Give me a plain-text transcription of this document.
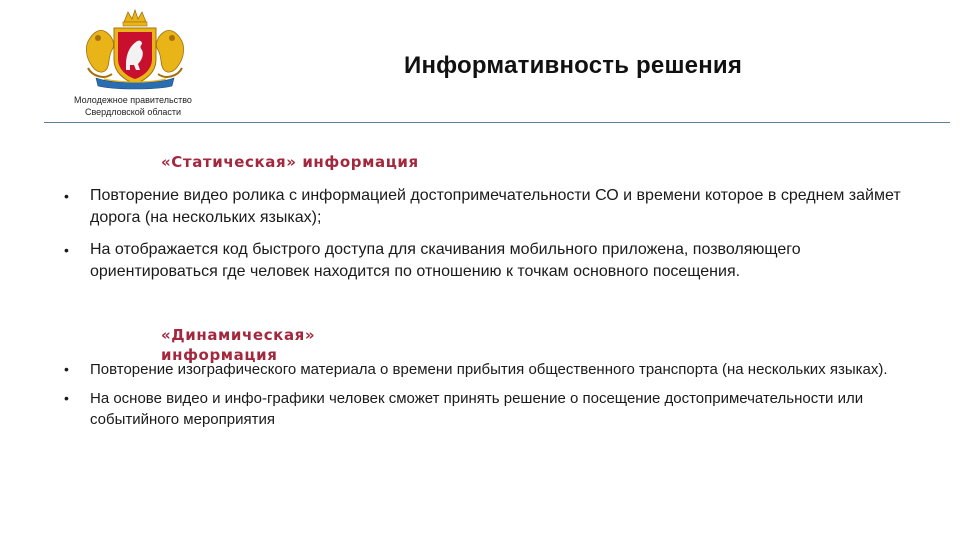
Молодежное правительство Свердловской области
Информативность решения
«Статическая» информация
• Повторение видео ролика с информацией достопримечательности СО и времени которое в среднем займет дорога (на нескольких языках);
• На отображается код быстрого доступа для скачивания мобильного приложена, позволяющего ориентироваться где человек находится по отношению к точкам основного посещения.
«Динамическая» информация
• Повторение изографического материала о времени прибытия общественного транспорта (на нескольких языках).
• На основе видео и инфо-графики человек сможет принять решение о посещение достопримечательности или событийного мероприятия
